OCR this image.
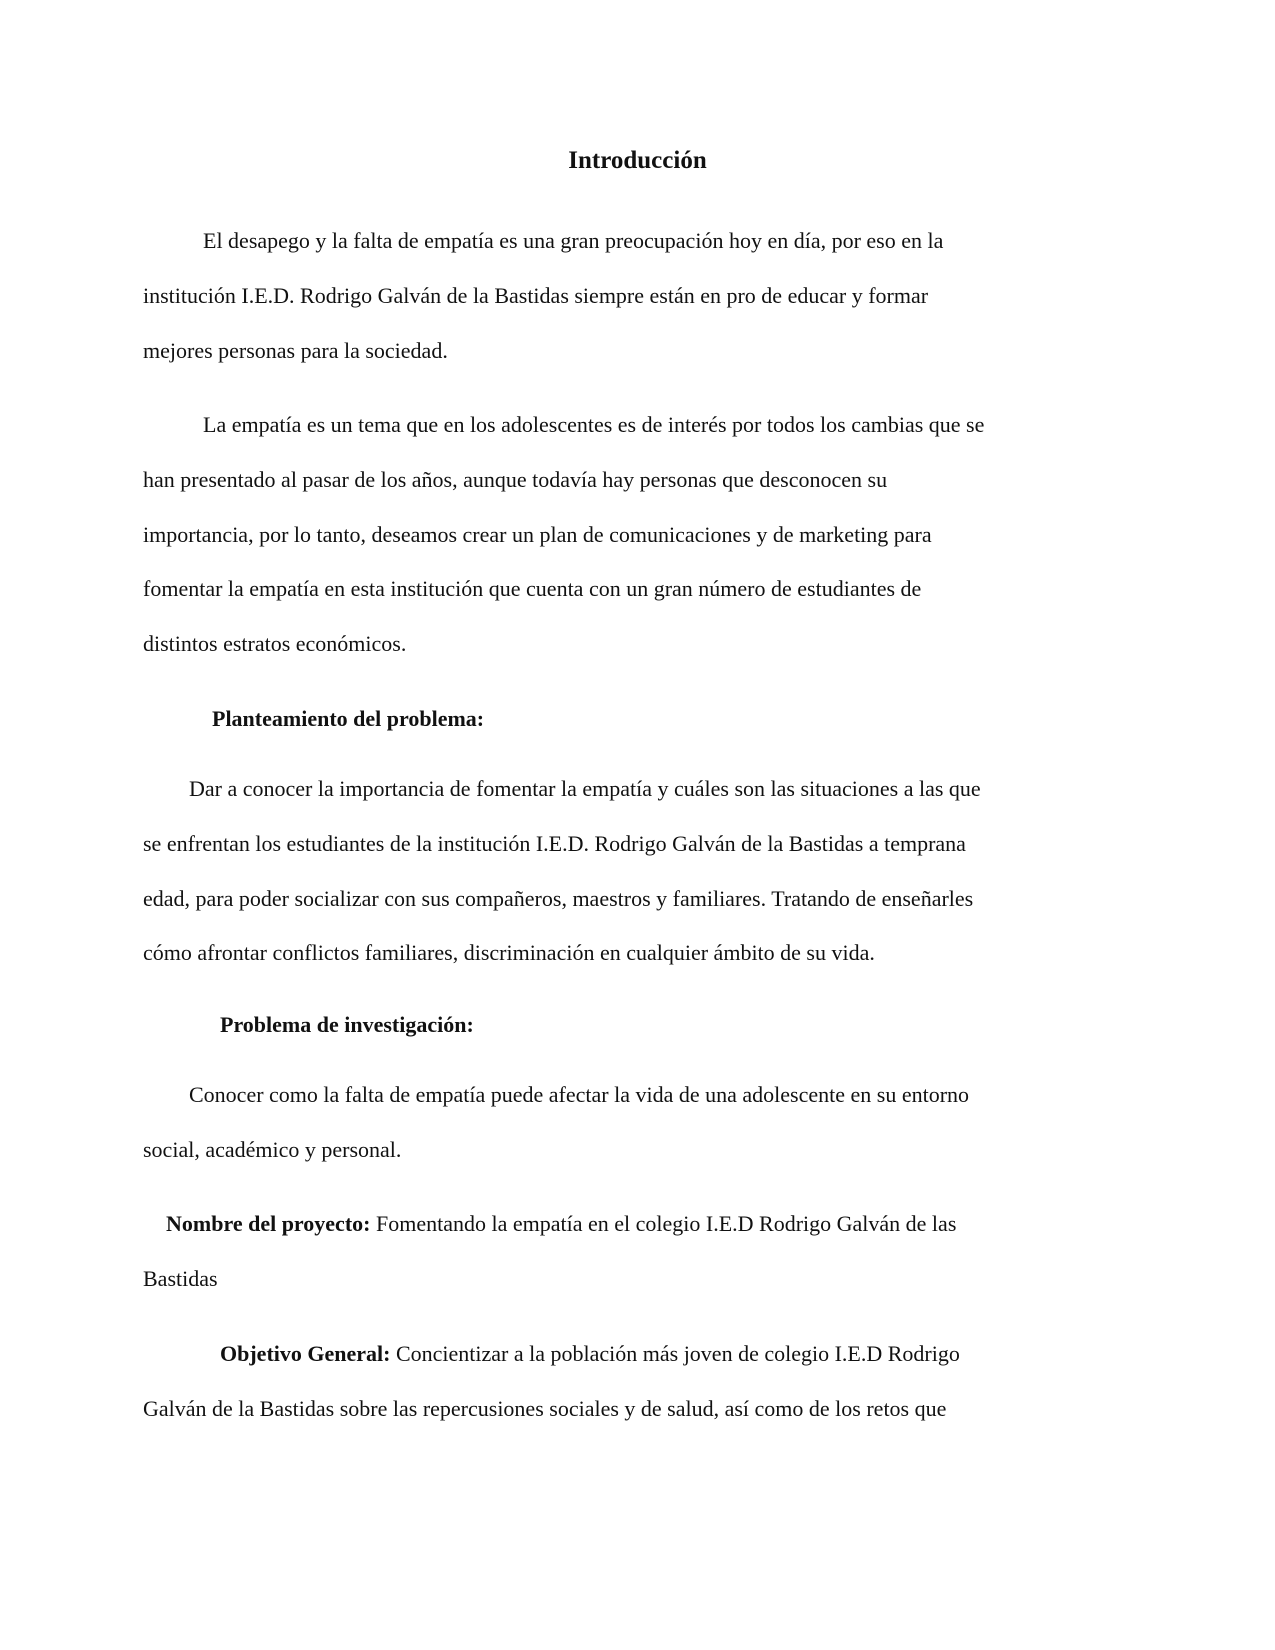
Introducción
El desapego y la falta de empatía es una gran preocupación hoy en día, por eso en la
institución I.E.D. Rodrigo Galván de la Bastidas siempre están en pro de educar y formar
mejores personas para la sociedad.
La empatía es un tema que en los adolescentes es de interés por todos los cambias que se
han presentado al pasar de los años, aunque todavía hay personas que desconocen su
importancia, por lo tanto, deseamos crear un plan de comunicaciones y de marketing para
fomentar la empatía en esta institución que cuenta con un gran número de estudiantes de
distintos estratos económicos.
Planteamiento del problema:
Dar a conocer la importancia de fomentar la empatía y cuáles son las situaciones a las que
se enfrentan los estudiantes de la institución I.E.D. Rodrigo Galván de la Bastidas a temprana
edad, para poder socializar con sus compañeros, maestros y familiares. Tratando de enseñarles
cómo afrontar conflictos familiares, discriminación en cualquier ámbito de su vida.
Problema de investigación:
Conocer como la falta de empatía puede afectar la vida de una adolescente en su entorno
social, académico y personal.
Nombre del proyecto: Fomentando la empatía en el colegio I.E.D Rodrigo Galván de las
Bastidas
Objetivo General: Concientizar a la población más joven de colegio I.E.D Rodrigo
Galván de la Bastidas sobre las repercusiones sociales y de salud, así como de los retos que
